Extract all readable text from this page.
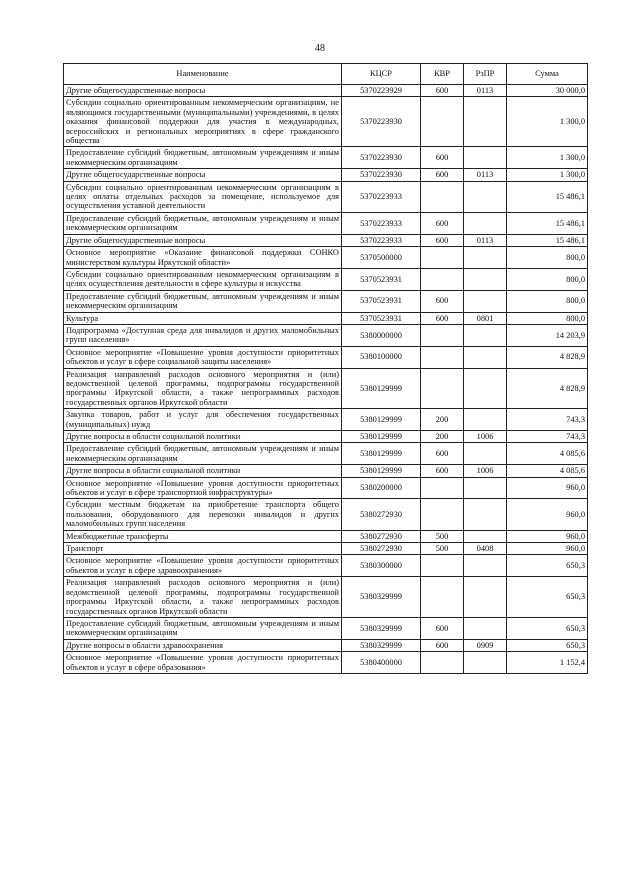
48
Наименование	КЦСР	КВР	РзПР	Сумма
Другие общегосударственные вопросы	5370223929	600	0113	30 000,0
Субсидии социально ориентированным некоммерческим организациям, не являющимся государственными (муниципальными) учреждениями, в целях оказания финансовой поддержки для участия в международных, всероссийских и региональных мероприятиях в сфере гражданского общества	5370223930			1 300,0
Предоставление субсидий бюджетным, автономным учреждениям и иным некоммерческим организациям	5370223930	600		1 300,0
Другие общегосударственные вопросы	5370223930	600	0113	1 300,0
Субсидии социально ориентированным некоммерческим организациям в целях оплаты отдельных расходов за помещение, используемое для осуществления уставной деятельности	5370223933			15 486,1
Предоставление субсидий бюджетным, автономным учреждениям и иным некоммерческим организациям	5370223933	600		15 486,1
Другие общегосударственные вопросы	5370223933	600	0113	15 486,1
Основное мероприятие «Оказание финансовой поддержки СОНКО министерством культуры Иркутской области»	5370500000			800,0
Субсидии социально ориентированным некоммерческим организациям в целях осуществления деятельности в сфере культуры и искусства	5370523931			800,0
Предоставление субсидий бюджетным, автономным учреждениям и иным некоммерческим организациям	5370523931	600		800,0
Культура	5370523931	600	0801	800,0
Подпрограмма «Доступная среда для инвалидов и других маломобильных групп населения»	5380000000			14 203,9
Основное мероприятие «Повышение уровня доступности приоритетных объектов и услуг в сфере социальной защиты населения»	5380100000			4 828,9
Реализация направлений расходов основного мероприятия и (или) ведомственной целевой программы, подпрограммы государственной программы Иркутской области, а также непрограммных расходов государственных органов Иркутской области	5380129999			4 828,9
Закупка товаров, работ и услуг для обеспечения государственных (муниципальных) нужд	5380129999	200		743,3
Другие вопросы в области социальной политики	5380129999	200	1006	743,3
Предоставление субсидий бюджетным, автономным учреждениям и иным некоммерческим организациям	5380129999	600		4 085,6
Другие вопросы в области социальной политики	5380129999	600	1006	4 085,6
Основное мероприятие «Повышение уровня доступности приоритетных объектов и услуг в сфере транспортной инфраструктуры»	5380200000			960,0
Субсидии местным бюджетам на приобретение транспорта общего пользования, оборудованного для перевозки инвалидов и других маломобильных групп населения	5380272930			960,0
Межбюджетные трансферты	5380272930	500		960,0
Транспорт	5380272930	500	0408	960,0
Основное мероприятие «Повышение уровня доступности приоритетных объектов и услуг в сфере здравоохранения»	5380300000			650,3
Реализация направлений расходов основного мероприятия и (или) ведомственной целевой программы, подпрограммы государственной программы Иркутской области, а также непрограммных расходов государственных органов Иркутской области	5380329999			650,3
Предоставление субсидий бюджетным, автономным учреждениям и иным некоммерческим организациям	5380329999	600		650,3
Другие вопросы в области здравоохранения	5380329999	600	0909	650,3
Основное мероприятие «Повышение уровня доступности приоритетных объектов и услуг в сфере образования»	5380400000			1 152,4
